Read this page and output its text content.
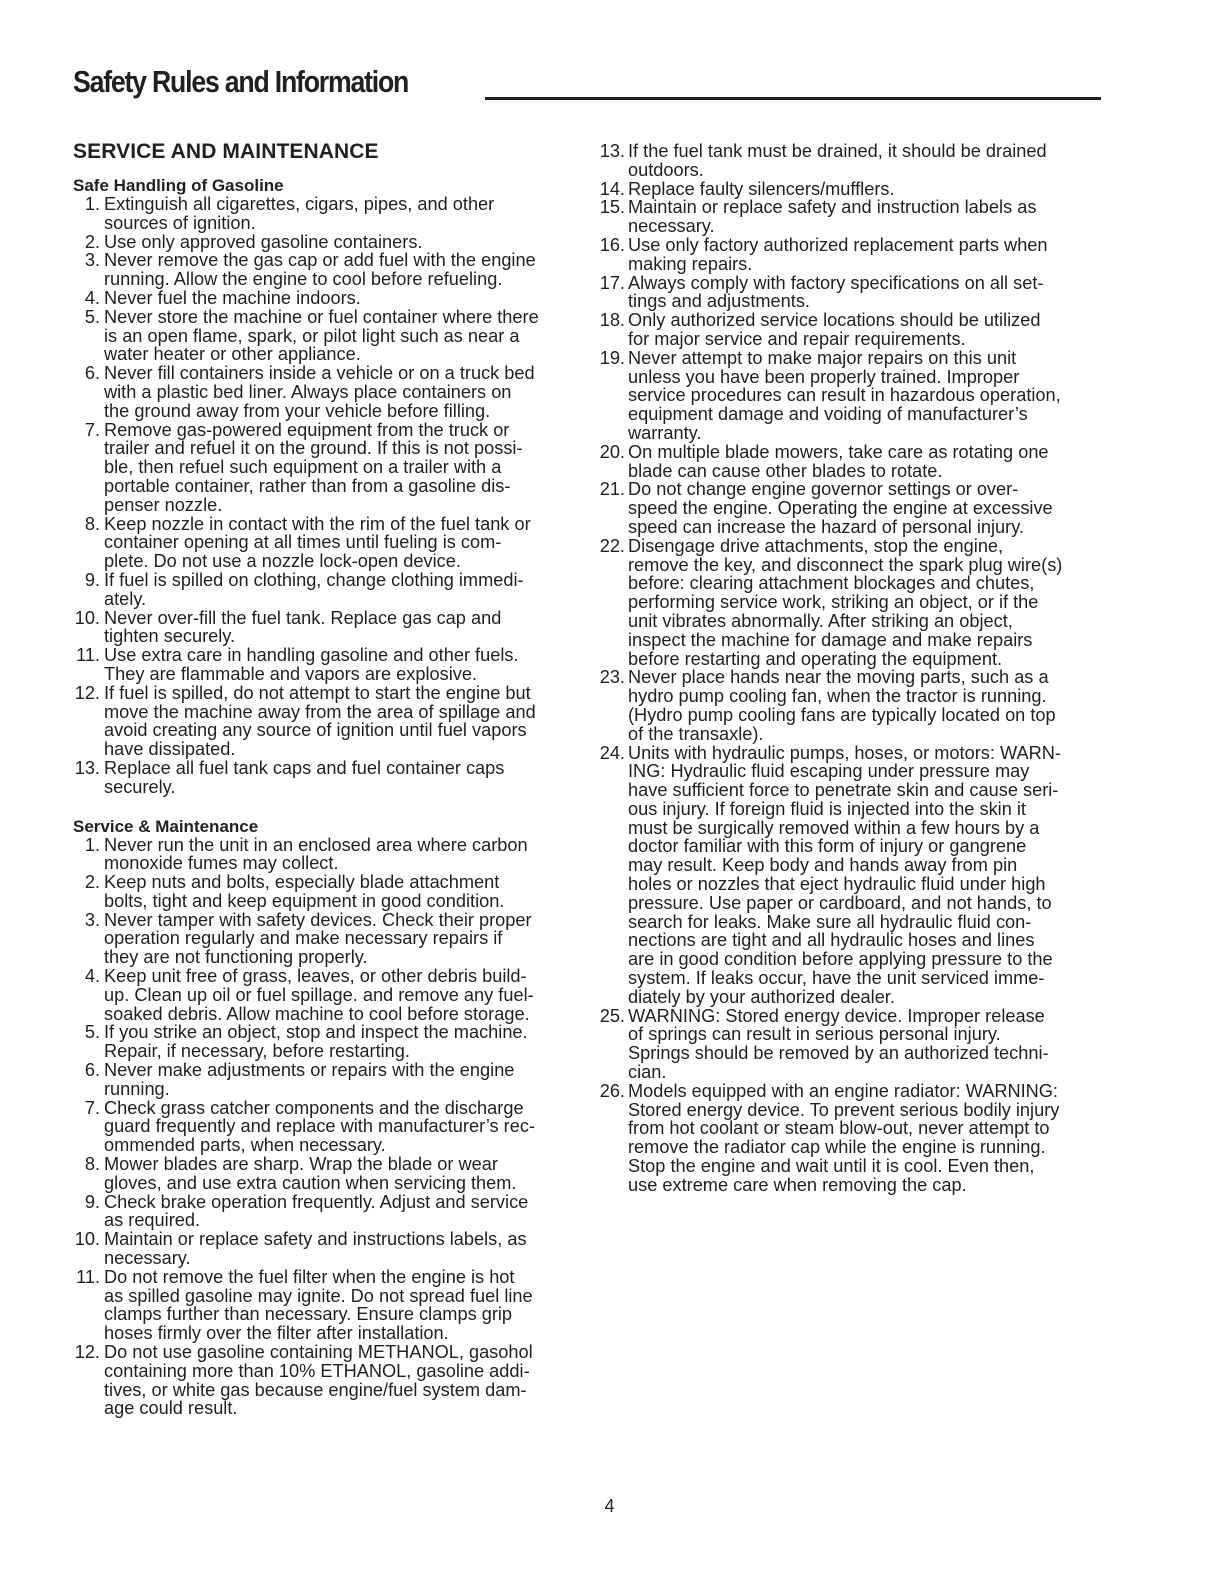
Safety Rules and Information
SERVICE AND MAINTENANCE
Safe Handling of Gasoline
1. Extinguish all cigarettes, cigars, pipes, and other
sources of ignition.
2. Use only approved gasoline containers.
3. Never remove the gas cap or add fuel with the engine
running. Allow the engine to cool before refueling.
4. Never fuel the machine indoors.
5. Never store the machine or fuel container where there
is an open flame, spark, or pilot light such as near a
water heater or other appliance.
6. Never fill containers inside a vehicle or on a truck bed
with a plastic bed liner. Always place containers on
the ground away from your vehicle before filling.
7. Remove gas-powered equipment from the truck or
trailer and refuel it on the ground. If this is not possi-
ble, then refuel such equipment on a trailer with a
portable container, rather than from a gasoline dis-
penser nozzle.
8. Keep nozzle in contact with the rim of the fuel tank or
container opening at all times until fueling is com-
plete. Do not use a nozzle lock-open device.
9. If fuel is spilled on clothing, change clothing immedi-
ately.
10. Never over-fill the fuel tank. Replace gas cap and
tighten securely.
11. Use extra care in handling gasoline and other fuels.
They are flammable and vapors are explosive.
12. If fuel is spilled, do not attempt to start the engine but
move the machine away from the area of spillage and
avoid creating any source of ignition until fuel vapors
have dissipated.
13. Replace all fuel tank caps and fuel container caps
securely.
Service & Maintenance
1. Never run the unit in an enclosed area where carbon
monoxide fumes may collect.
2. Keep nuts and bolts, especially blade attachment
bolts, tight and keep equipment in good condition.
3. Never tamper with safety devices. Check their proper
operation regularly and make necessary repairs if
they are not functioning properly.
4. Keep unit free of grass, leaves, or other debris build-
up. Clean up oil or fuel spillage. and remove any fuel-
soaked debris. Allow machine to cool before storage.
5. If you strike an object, stop and inspect the machine.
Repair, if necessary, before restarting.
6. Never make adjustments or repairs with the engine
running.
7. Check grass catcher components and the discharge
guard frequently and replace with manufacturer’s rec-
ommended parts, when necessary.
8. Mower blades are sharp. Wrap the blade or wear
gloves, and use extra caution when servicing them.
9. Check brake operation frequently. Adjust and service
as required.
10. Maintain or replace safety and instructions labels, as
necessary.
11. Do not remove the fuel filter when the engine is hot
as spilled gasoline may ignite. Do not spread fuel line
clamps further than necessary. Ensure clamps grip
hoses firmly over the filter after installation.
12. Do not use gasoline containing METHANOL, gasohol
containing more than 10% ETHANOL, gasoline addi-
tives, or white gas because engine/fuel system dam-
age could result.
13. If the fuel tank must be drained, it should be drained
outdoors.
14. Replace faulty silencers/mufflers.
15. Maintain or replace safety and instruction labels as
necessary.
16. Use only factory authorized replacement parts when
making repairs.
17. Always comply with factory specifications on all set-
tings and adjustments.
18. Only authorized service locations should be utilized
for major service and repair requirements.
19. Never attempt to make major repairs on this unit
unless you have been properly trained. Improper
service procedures can result in hazardous operation,
equipment damage and voiding of manufacturer’s
warranty.
20. On multiple blade mowers, take care as rotating one
blade can cause other blades to rotate.
21. Do not change engine governor settings or over-
speed the engine. Operating the engine at excessive
speed can increase the hazard of personal injury.
22. Disengage drive attachments, stop the engine,
remove the key, and disconnect the spark plug wire(s)
before: clearing attachment blockages and chutes,
performing service work, striking an object, or if the
unit vibrates abnormally. After striking an object,
inspect the machine for damage and make repairs
before restarting and operating the equipment.
23. Never place hands near the moving parts, such as a
hydro pump cooling fan, when the tractor is running.
(Hydro pump cooling fans are typically located on top
of the transaxle).
24. Units with hydraulic pumps, hoses, or motors: WARN-
ING: Hydraulic fluid escaping under pressure may
have sufficient force to penetrate skin and cause seri-
ous injury. If foreign fluid is injected into the skin it
must be surgically removed within a few hours by a
doctor familiar with this form of injury or gangrene
may result. Keep body and hands away from pin
holes or nozzles that eject hydraulic fluid under high
pressure. Use paper or cardboard, and not hands, to
search for leaks. Make sure all hydraulic fluid con-
nections are tight and all hydraulic hoses and lines
are in good condition before applying pressure to the
system. If leaks occur, have the unit serviced imme-
diately by your authorized dealer.
25. WARNING: Stored energy device. Improper release
of springs can result in serious personal injury.
Springs should be removed by an authorized techni-
cian.
26. Models equipped with an engine radiator: WARNING:
Stored energy device. To prevent serious bodily injury
from hot coolant or steam blow-out, never attempt to
remove the radiator cap while the engine is running.
Stop the engine and wait until it is cool. Even then,
use extreme care when removing the cap.
4
